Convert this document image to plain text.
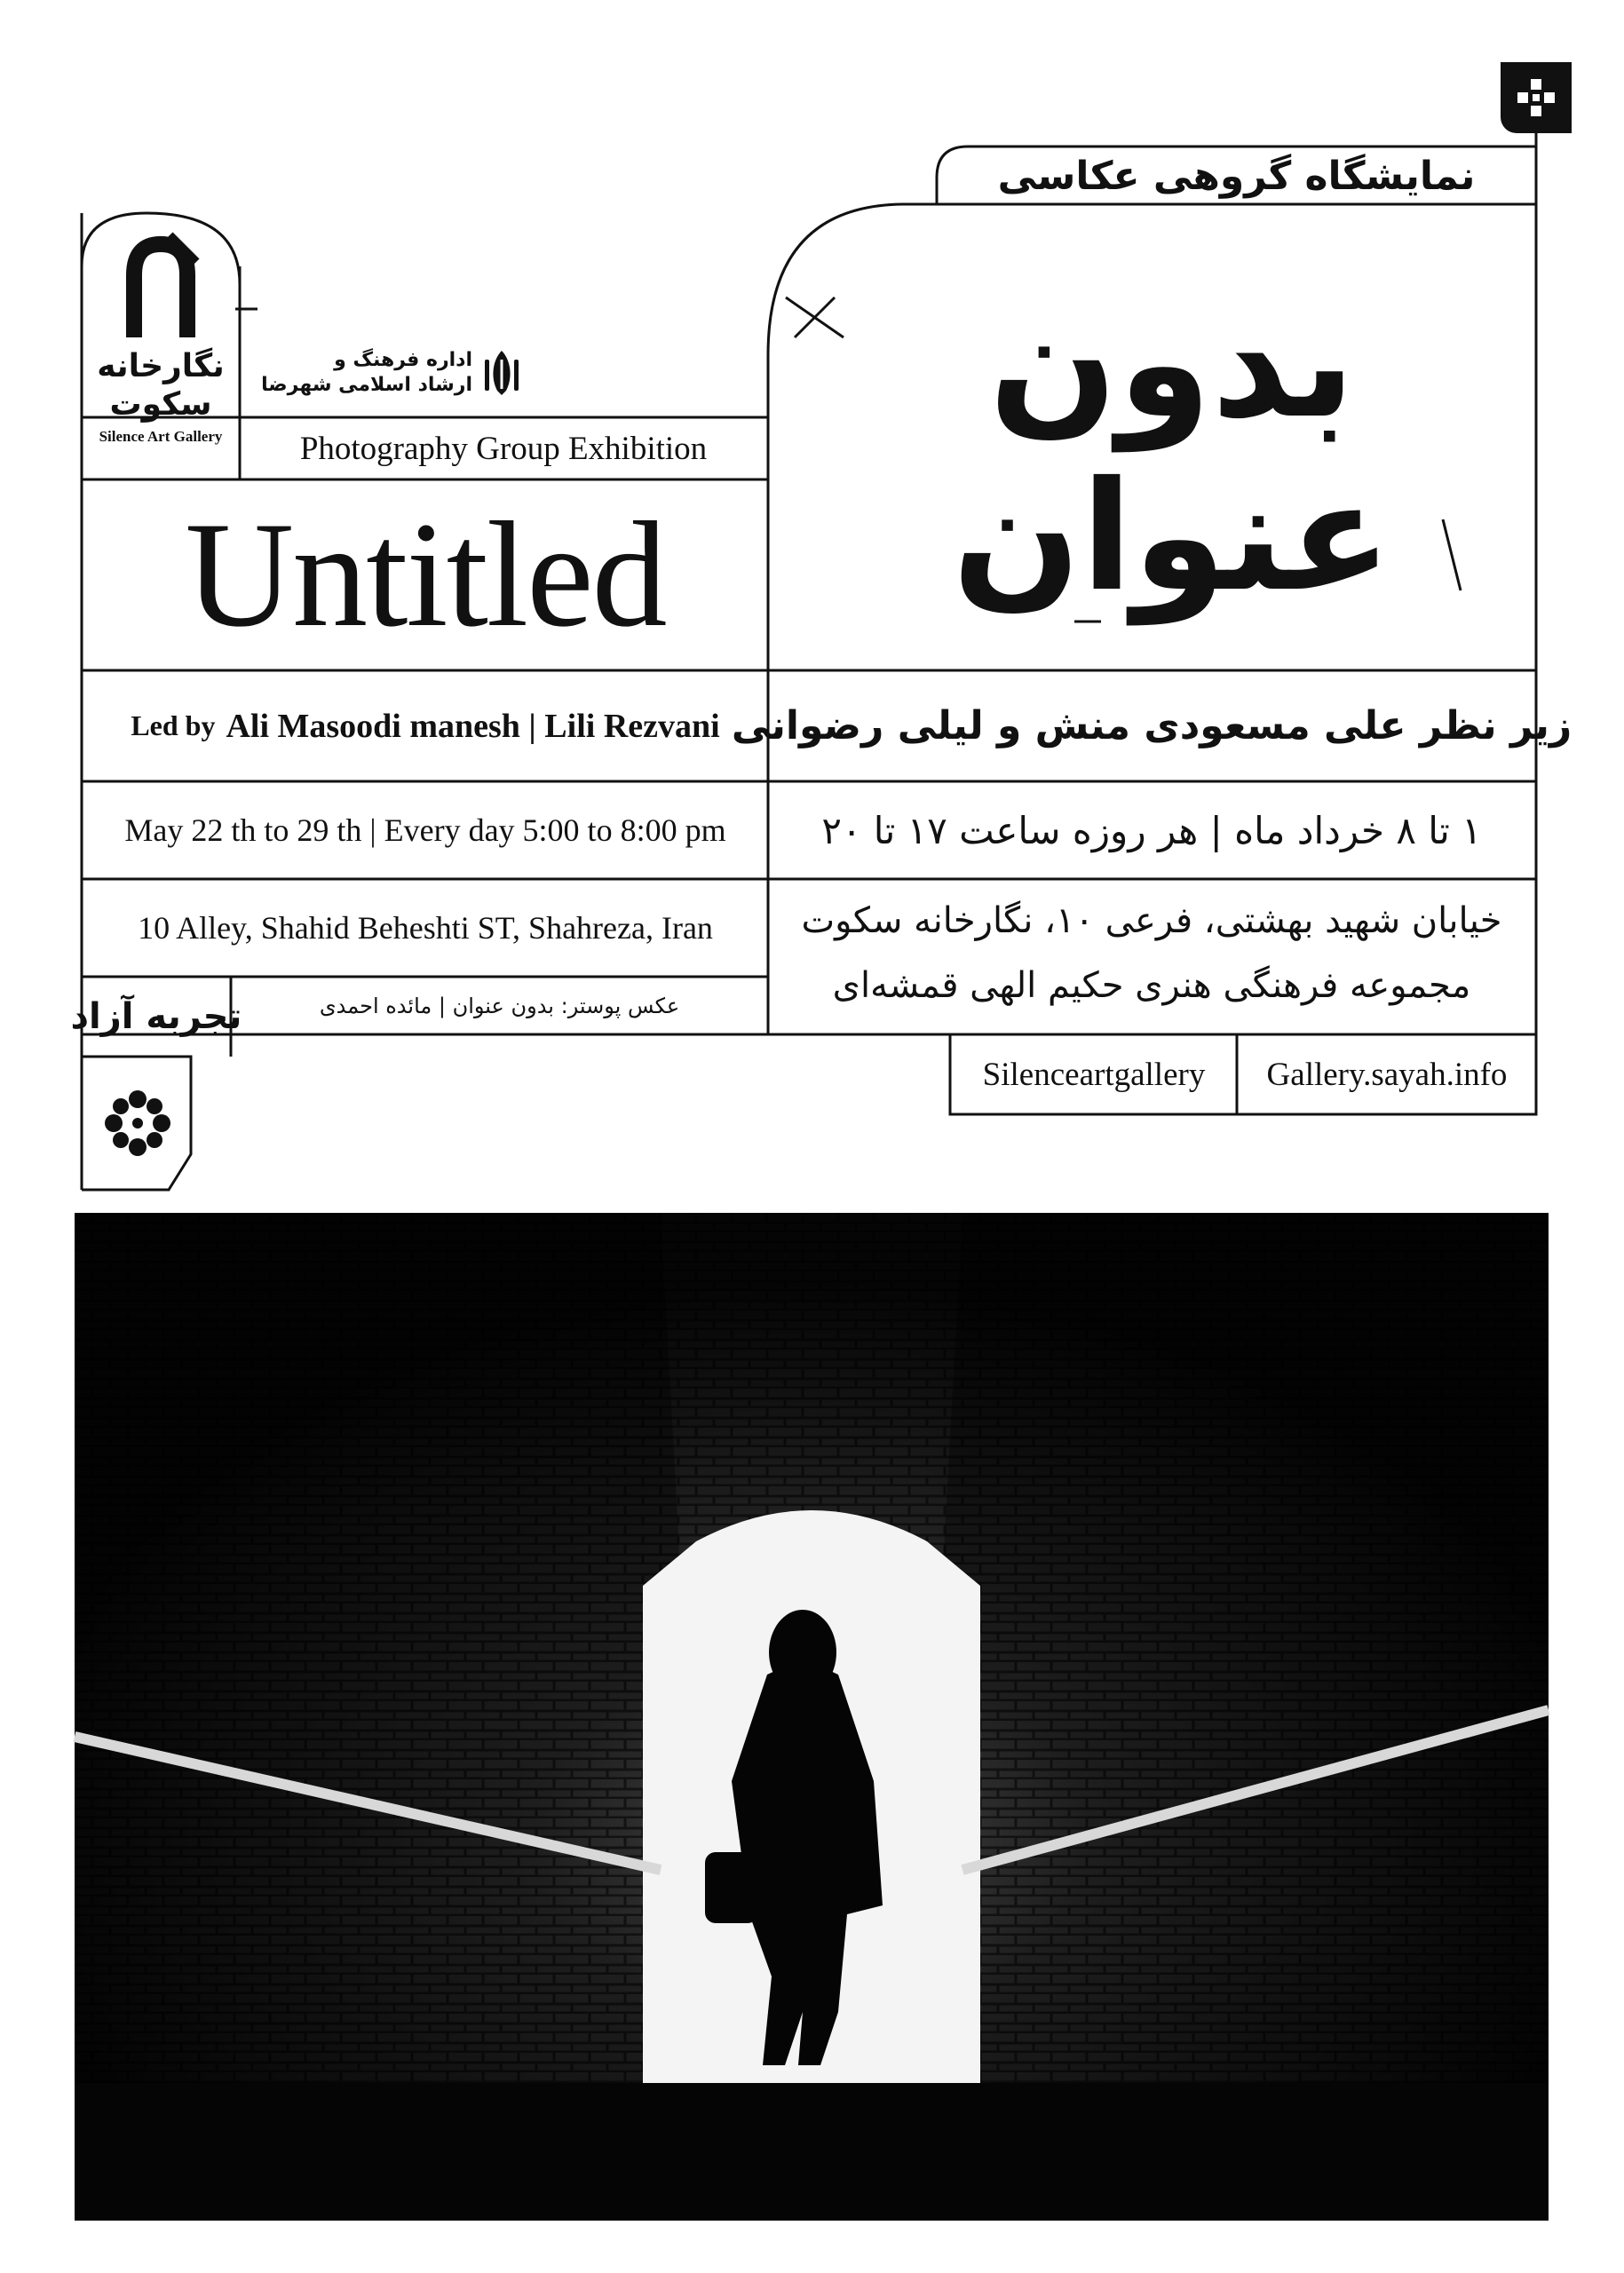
نمایشگاه گروهی عکاسی
بدون
عنوان
نگارخانه
سکوت
Silence Art Gallery
اداره فرهنگ و
ارشاد اسلامی شهرضا
Photography Group Exhibition
Untitled
Led by Ali Masoodi manesh | Lili Rezvani زیر نظر علی مسعودی منش و لیلی رضوانی
May 22 th to 29 th | Every day 5:00 to 8:00 pm	۱ تا ۸ خرداد ماه | هر روزه ساعت ۱۷ تا ۲۰
10 Alley, Shahid Beheshti ST, Shahreza, Iran	خیابان شهید بهشتی، فرعی ۱۰، نگارخانه سکوت
مجموعه فرهنگی هنری حکیم الهی قمشه‌ای
عکس پوستر: بدون عنوان | مائده احمدی
تجربه آزاد
Silenceartgallery	Gallery.sayah.info
